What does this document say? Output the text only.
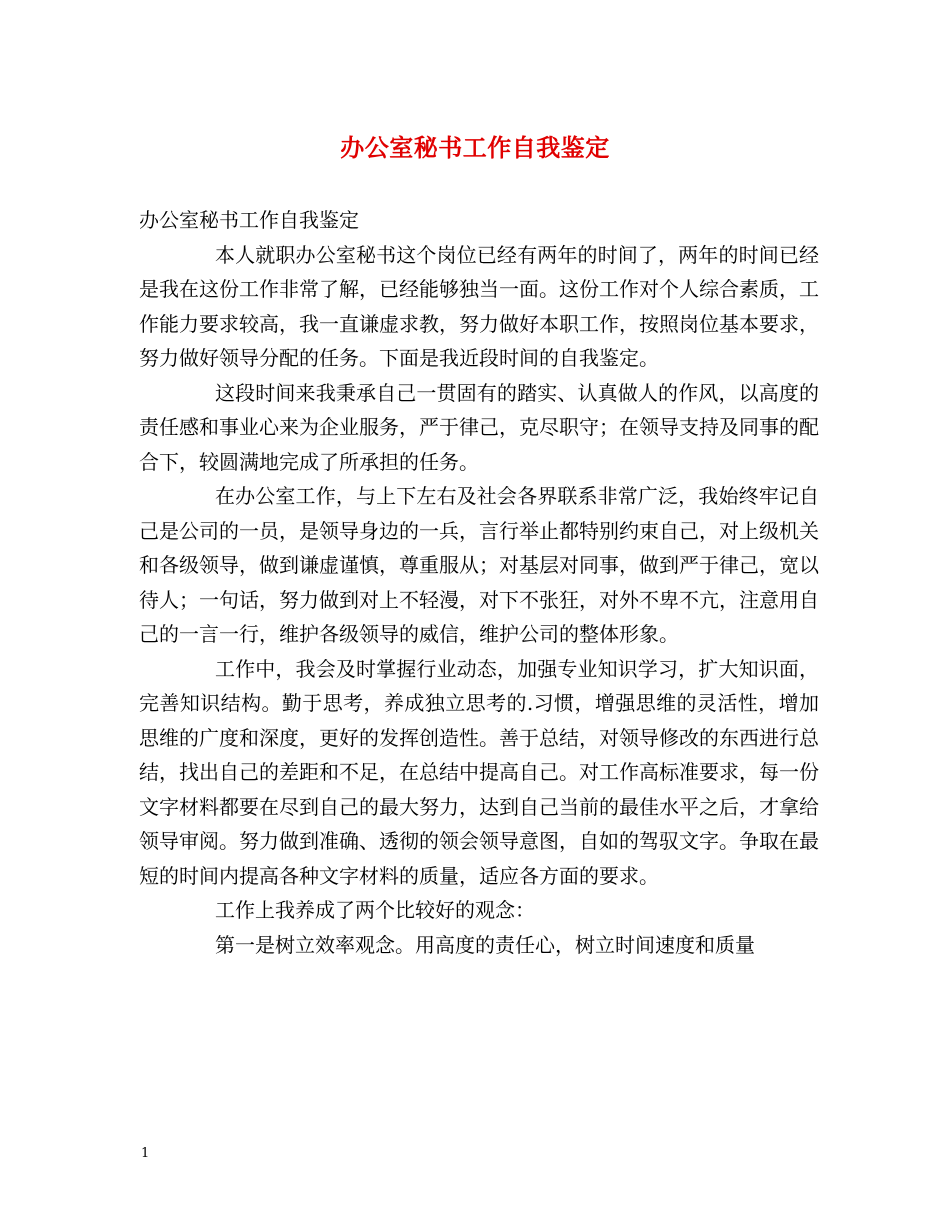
办公室秘书工作自我鉴定

办公室秘书工作自我鉴定

本人就职办公室秘书这个岗位已经有两年的时间了，两年的时间已经是我在这份工作非常了解，已经能够独当一面。这份工作对个人综合素质，工作能力要求较高，我一直谦虚求教，努力做好本职工作，按照岗位基本要求，努力做好领导分配的任务。下面是我近段时间的自我鉴定。

这段时间来我秉承自己一贯固有的踏实、认真做人的作风，以高度的责任感和事业心来为企业服务，严于律己，克尽职守；在领导支持及同事的配合下，较圆满地完成了所承担的任务。

在办公室工作，与上下左右及社会各界联系非常广泛，我始终牢记自己是公司的一员，是领导身边的一兵，言行举止都特别约束自己，对上级机关和各级领导，做到谦虚谨慎，尊重服从；对基层对同事，做到严于律己，宽以待人；一句话，努力做到对上不轻漫，对下不张狂，对外不卑不亢，注意用自己的一言一行，维护各级领导的威信，维护公司的整体形象。

工作中，我会及时掌握行业动态，加强专业知识学习，扩大知识面，完善知识结构。勤于思考，养成独立思考的.习惯，增强思维的灵活性，增加思维的广度和深度，更好的发挥创造性。善于总结，对领导修改的东西进行总结，找出自己的差距和不足，在总结中提高自己。对工作高标准要求，每一份文字材料都要在尽到自己的最大努力，达到自己当前的最佳水平之后，才拿给领导审阅。努力做到准确、透彻的领会领导意图，自如的驾驭文字。争取在最短的时间内提高各种文字材料的质量，适应各方面的要求。

工作上我养成了两个比较好的观念：

第一是树立效率观念。用高度的责任心，树立时间速度和质量

1
